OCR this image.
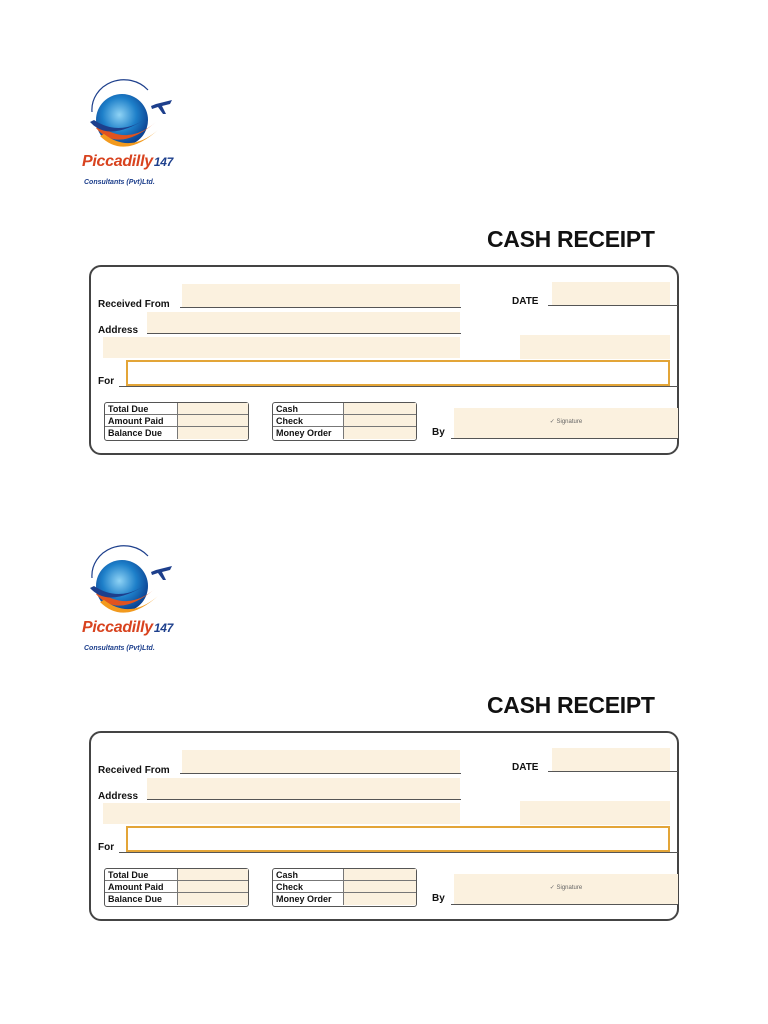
Piccadilly147
Consultants (Pvt)Ltd.
CASH RECEIPT
Received From
Address
DATE
For
Total Due
Amount Paid
Balance Due
Cash
Check
Money Order	By
✓ Signature
Piccadilly147
Consultants (Pvt)Ltd.
CASH RECEIPT
Received From
Address
DATE
For
Total Due
Amount Paid
Balance Due
Cash
Check
Money Order	By
✓ Signature
